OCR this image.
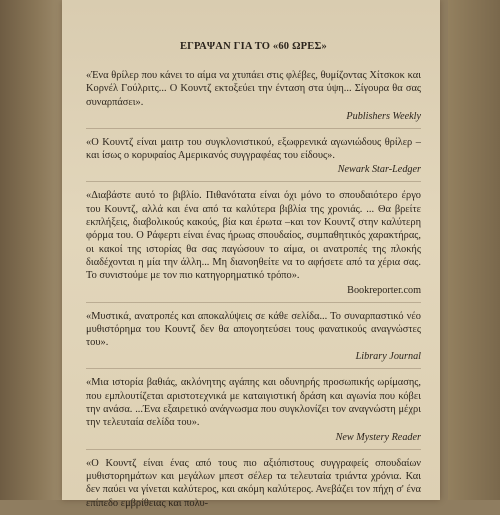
ΕΓΡΑΨΑΝ ΓΙΑ ΤΟ «60 ΩΡΕΣ»
«Ένα θρίλερ που κάνει το αίμα να χτυπάει στις φλέβες, θυμίζοντας Χίτσκοκ και Κορνέλ Γούλριτς... Ο Κουντζ εκτοξεύει την ένταση στα ύψη... Σίγουρα θα σας συναρπάσει».
Publishers Weekly
«Ο Κουντζ είναι μαιτρ του συγκλονιστικού, εξωφρενικά αγωνιώδους θρίλερ –και ίσως ο κορυφαίος Αμερικανός συγγραφέας του είδους».
Newark Star-Ledger
«Διαβάστε αυτό το βιβλίο. Πιθανότατα είναι όχι μόνο το σπουδαιότερο έργο του Κουντζ, αλλά και ένα από τα καλύτερα βιβλία της χρονιάς. ... Θα βρείτε εκπλήξεις, διαβολικούς κακούς, βία και έρωτα –και τον Κουντζ στην καλύτερη φόρμα του. Ο Ράφερτι είναι ένας ήρωας σπουδαίος, συμπαθητικός χαρακτήρας, οι κακοί της ιστορίας θα σας παγώσουν το αίμα, οι ανατροπές της πλοκής διαδέχονται η μία την άλλη... Μη διανοηθείτε να το αφήσετε από τα χέρια σας. Το συνιστούμε με τον πιο κατηγορηματικό τρόπο».
Bookreporter.com
«Μυστικά, ανατροπές και αποκαλύψεις σε κάθε σελίδα... Το συναρπαστικό νέο μυθιστόρημα του Κουντζ δεν θα απογοητεύσει τους φανατικούς αναγνώστες του».
Library Journal
«Μια ιστορία βαθιάς, ακλόνητης αγάπης και οδυνηρής προσωπικής ωρίμασης, που εμπλουτίζεται αριστοτεχνικά με καταιγιστική δράση και αγωνία που κόβει την ανάσα. ...Ένα εξαιρετικό ανάγνωσμα που συγκλονίζει τον αναγνώστη μέχρι την τελευταία σελίδα του».
New Mystery Reader
«Ο Κουντζ είναι ένας από τους πιο αξιόπιστους συγγραφείς σπουδαίων μυθιστορημάτων και μεγάλων μπεστ σέλερ τα τελευταία τριάντα χρόνια. Και δεν παύει να γίνεται καλύτερος, και ακόμη καλύτερος. Ανεβάζει τον πήχη σ' ένα επίπεδο εμβρίθειας και πολυ-
